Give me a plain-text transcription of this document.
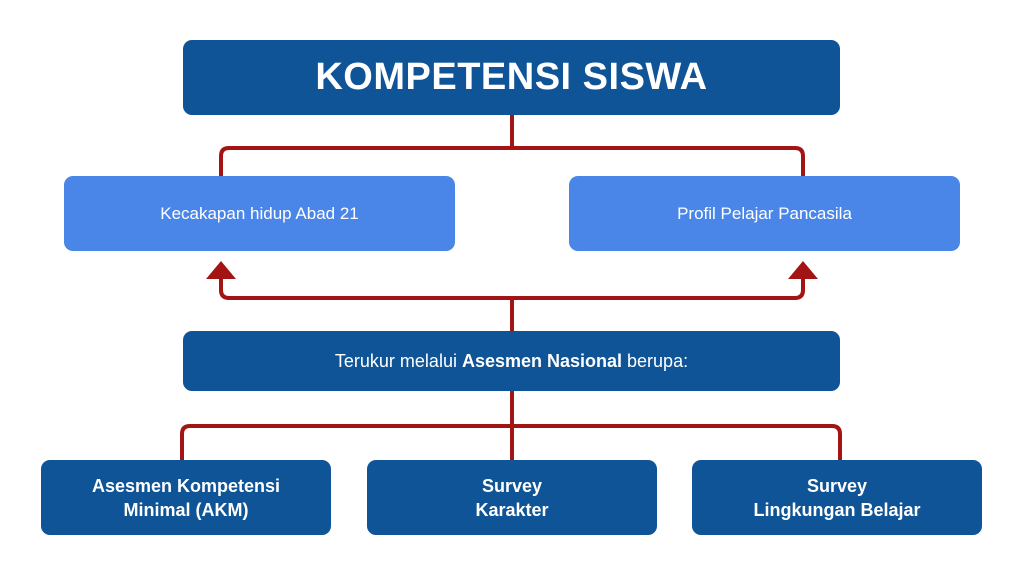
KOMPETENSI SISWA
Kecakapan hidup Abad 21	Profil Pelajar Pancasila
Terukur melalui Asesmen Nasional berupa:
Asesmen Kompetensi
Minimal (AKM)
Survey
Karakter
Survey
Lingkungan Belajar
